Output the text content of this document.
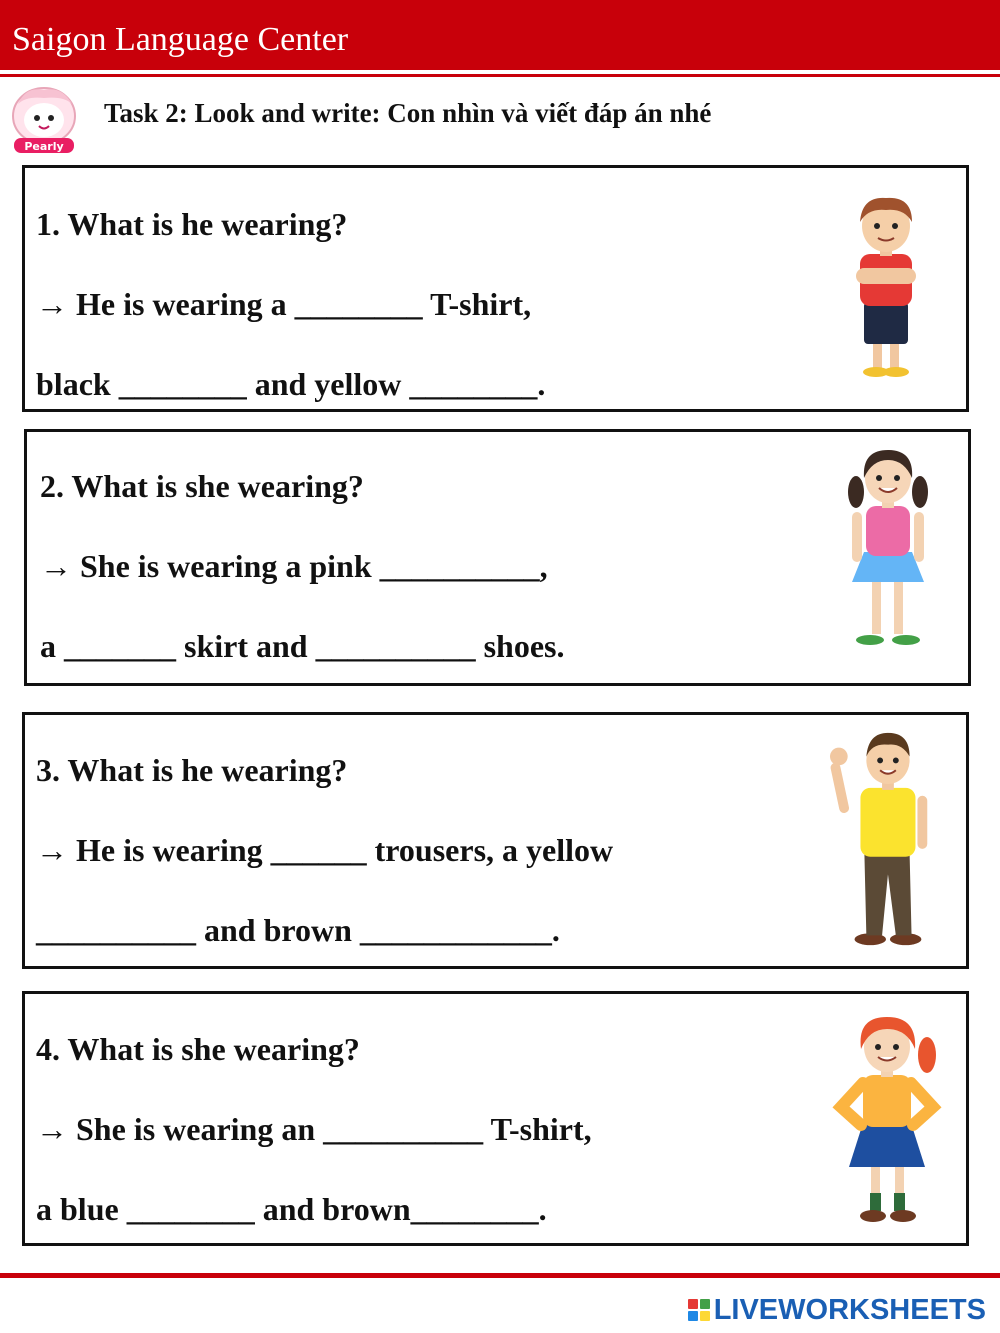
Saigon Language Center
Pearly
Task 2: Look and write: Con nhìn và viết đáp án nhé
1. What is he wearing?
→ He is wearing a ________ T-shirt,
black ________ and yellow ________.
2. What is she wearing?
→ She is wearing a pink __________,
a _______ skirt and __________ shoes.
3. What is he wearing?
→ He is wearing ______ trousers, a yellow
__________ and brown ____________.
4. What is she wearing?
→ She is wearing an __________ T-shirt,
a blue ________ and brown________.
LIVEWORKSHEETS
